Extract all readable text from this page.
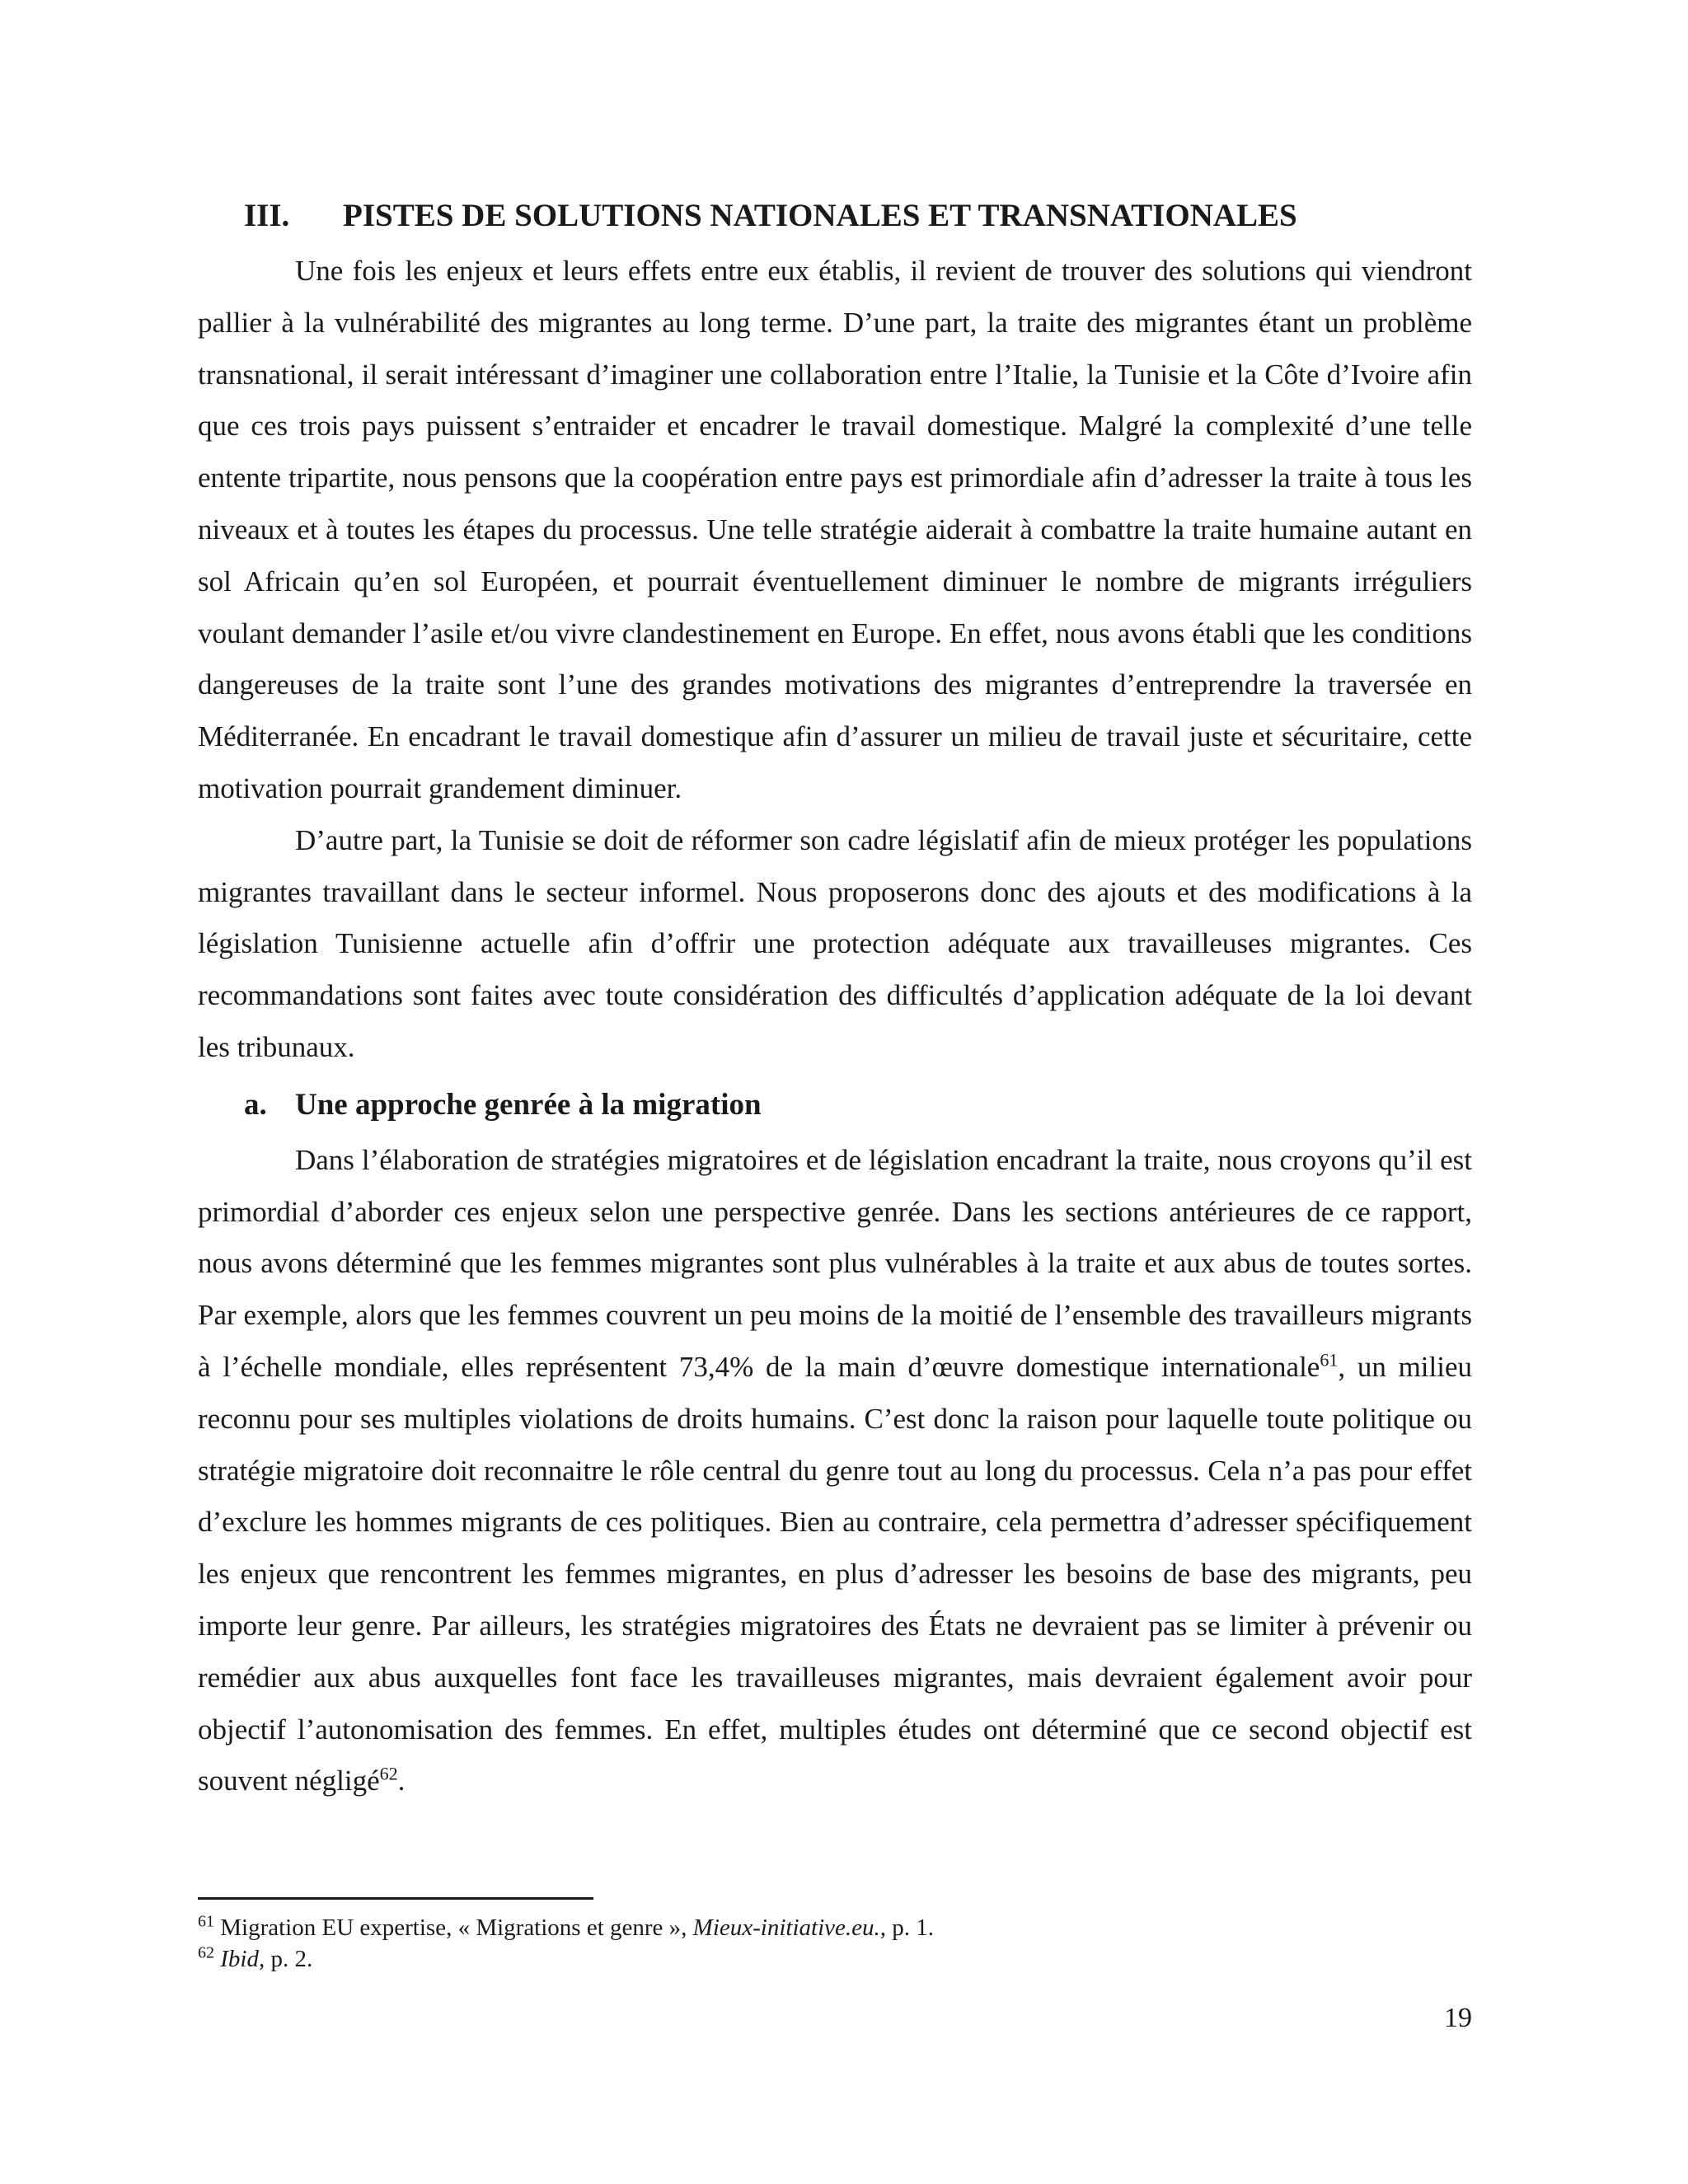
III.	PISTES DE SOLUTIONS NATIONALES ET TRANSNATIONALES

Une fois les enjeux et leurs effets entre eux établis, il revient de trouver des solutions qui viendront pallier à la vulnérabilité des migrantes au long terme. D’une part, la traite des migrantes étant un problème transnational, il serait intéressant d’imaginer une collaboration entre l’Italie, la Tunisie et la Côte d’Ivoire afin que ces trois pays puissent s’entraider et encadrer le travail domestique. Malgré la complexité d’une telle entente tripartite, nous pensons que la coopération entre pays est primordiale afin d’adresser la traite à tous les niveaux et à toutes les étapes du processus. Une telle stratégie aiderait à combattre la traite humaine autant en sol Africain qu’en sol Européen, et pourrait éventuellement diminuer le nombre de migrants irréguliers voulant demander l’asile et/ou vivre clandestinement en Europe. En effet, nous avons établi que les conditions dangereuses de la traite sont l’une des grandes motivations des migrantes d’entreprendre la traversée en Méditerranée. En encadrant le travail domestique afin d’assurer un milieu de travail juste et sécuritaire, cette motivation pourrait grandement diminuer.

D’autre part, la Tunisie se doit de réformer son cadre législatif afin de mieux protéger les populations migrantes travaillant dans le secteur informel. Nous proposerons donc des ajouts et des modifications à la législation Tunisienne actuelle afin d’offrir une protection adéquate aux travailleuses migrantes. Ces recommandations sont faites avec toute considération des difficultés d’application adéquate de la loi devant les tribunaux.

a. Une approche genrée à la migration

Dans l’élaboration de stratégies migratoires et de législation encadrant la traite, nous croyons qu’il est primordial d’aborder ces enjeux selon une perspective genrée. Dans les sections antérieures de ce rapport, nous avons déterminé que les femmes migrantes sont plus vulnérables à la traite et aux abus de toutes sortes. Par exemple, alors que les femmes couvrent un peu moins de la moitié de l’ensemble des travailleurs migrants à l’échelle mondiale, elles représentent 73,4% de la main d’œuvre domestique internationale$^{61}$, un milieu reconnu pour ses multiples violations de droits humains. C’est donc la raison pour laquelle toute politique ou stratégie migratoire doit reconnaitre le rôle central du genre tout au long du processus. Cela n’a pas pour effet d’exclure les hommes migrants de ces politiques. Bien au contraire, cela permettra d’adresser spécifiquement les enjeux que rencontrent les femmes migrantes, en plus d’adresser les besoins de base des migrants, peu importe leur genre. Par ailleurs, les stratégies migratoires des États ne devraient pas se limiter à prévenir ou remédier aux abus auxquelles font face les travailleuses migrantes, mais devraient également avoir pour objectif l’autonomisation des femmes. En effet, multiples études ont déterminé que ce second objectif est souvent négligé$^{62}$.

$^{61}$ Migration EU expertise, « Migrations et genre », Mieux-initiative.eu., p. 1.
$^{62}$ Ibid, p. 2.
19
